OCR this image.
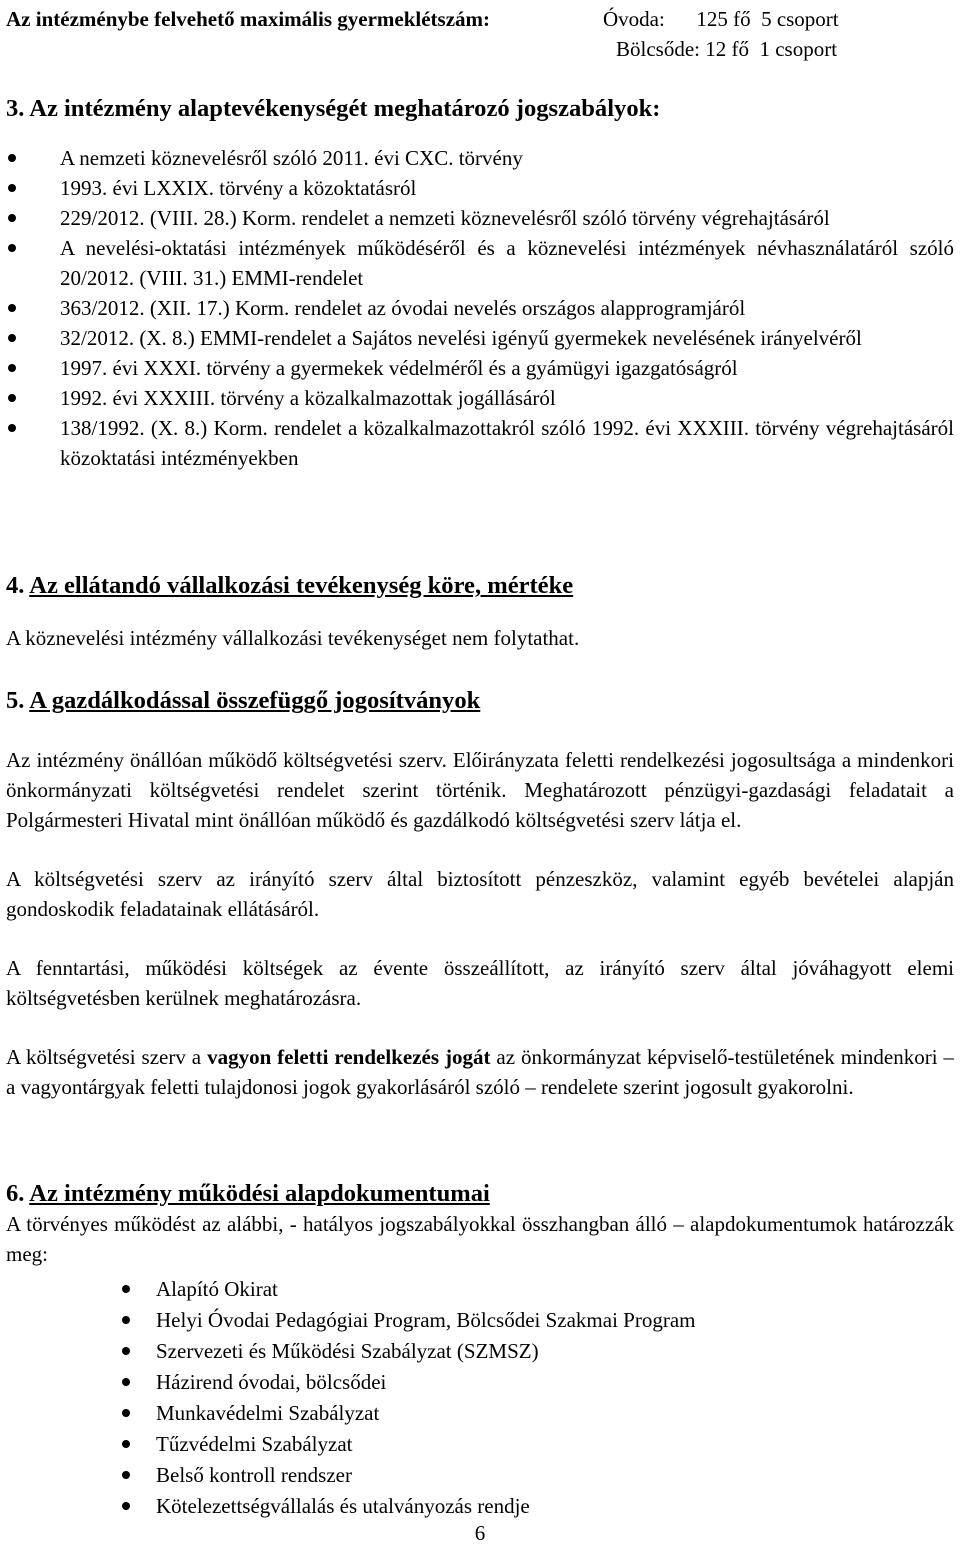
Az intézménybe felvehető maximális gyermeklétszám:	Óvoda:      125 fő  5 csoport
Bölcsőde: 12 fő  1 csoport
3. Az intézmény alaptevékenységét meghatározó jogszabályok:
A nemzeti köznevelésről szóló 2011. évi CXC. törvény
1993. évi LXXIX. törvény a közoktatásról
229/2012. (VIII. 28.) Korm. rendelet a nemzeti köznevelésről szóló törvény végrehajtásáról
A nevelési-oktatási intézmények működéséről és a köznevelési intézmények névhasználatáról szóló 20/2012. (VIII. 31.) EMMI-rendelet
363/2012. (XII. 17.) Korm. rendelet az óvodai nevelés országos alapprogramjáról
32/2012. (X. 8.) EMMI-rendelet a Sajátos nevelési igényű gyermekek nevelésének irányelvéről
1997. évi XXXI. törvény a gyermekek védelméről és a gyámügyi igazgatóságról
1992. évi XXXIII. törvény a közalkalmazottak jogállásáról
138/1992. (X. 8.) Korm. rendelet a közalkalmazottakról szóló 1992. évi XXXIII. törvény végrehajtásáról közoktatási intézményekben
4. Az ellátandó vállalkozási tevékenység köre, mértéke

A köznevelési intézmény vállalkozási tevékenységet nem folytathat.

5. A gazdálkodással összefüggő jogosítványok

Az intézmény önállóan működő költségvetési szerv. Előirányzata feletti rendelkezési jogosultsága a mindenkori önkormányzati költségvetési rendelet szerint történik. Meghatározott pénzügyi-gazdasági feladatait a Polgármesteri Hivatal mint önállóan működő és gazdálkodó költségvetési szerv látja el.

A költségvetési szerv az irányító szerv által biztosított pénzeszköz, valamint egyéb bevételei alapján gondoskodik feladatainak ellátásáról.

A fenntartási, működési költségek az évente összeállított, az irányító szerv által jóváhagyott elemi költségvetésben kerülnek meghatározásra.

A költségvetési szerv a vagyon feletti rendelkezés jogát az önkormányzat képviselő-testületének mindenkori – a vagyontárgyak feletti tulajdonosi jogok gyakorlásáról szóló – rendelete szerint jogosult gyakorolni.

6. Az intézmény működési alapdokumentumai

A törvényes működést az alábbi, - hatályos jogszabályokkal összhangban álló – alapdokumentumok határozzák meg:

Alapító Okirat
Helyi Óvodai Pedagógiai Program, Bölcsődei Szakmai Program
Szervezeti és Működési Szabályzat (SZMSZ)
Házirend óvodai, bölcsődei
Munkavédelmi Szabályzat
Tűzvédelmi Szabályzat
Belső kontroll rendszer
Kötelezettségvállalás és utalványozás rendje
6
